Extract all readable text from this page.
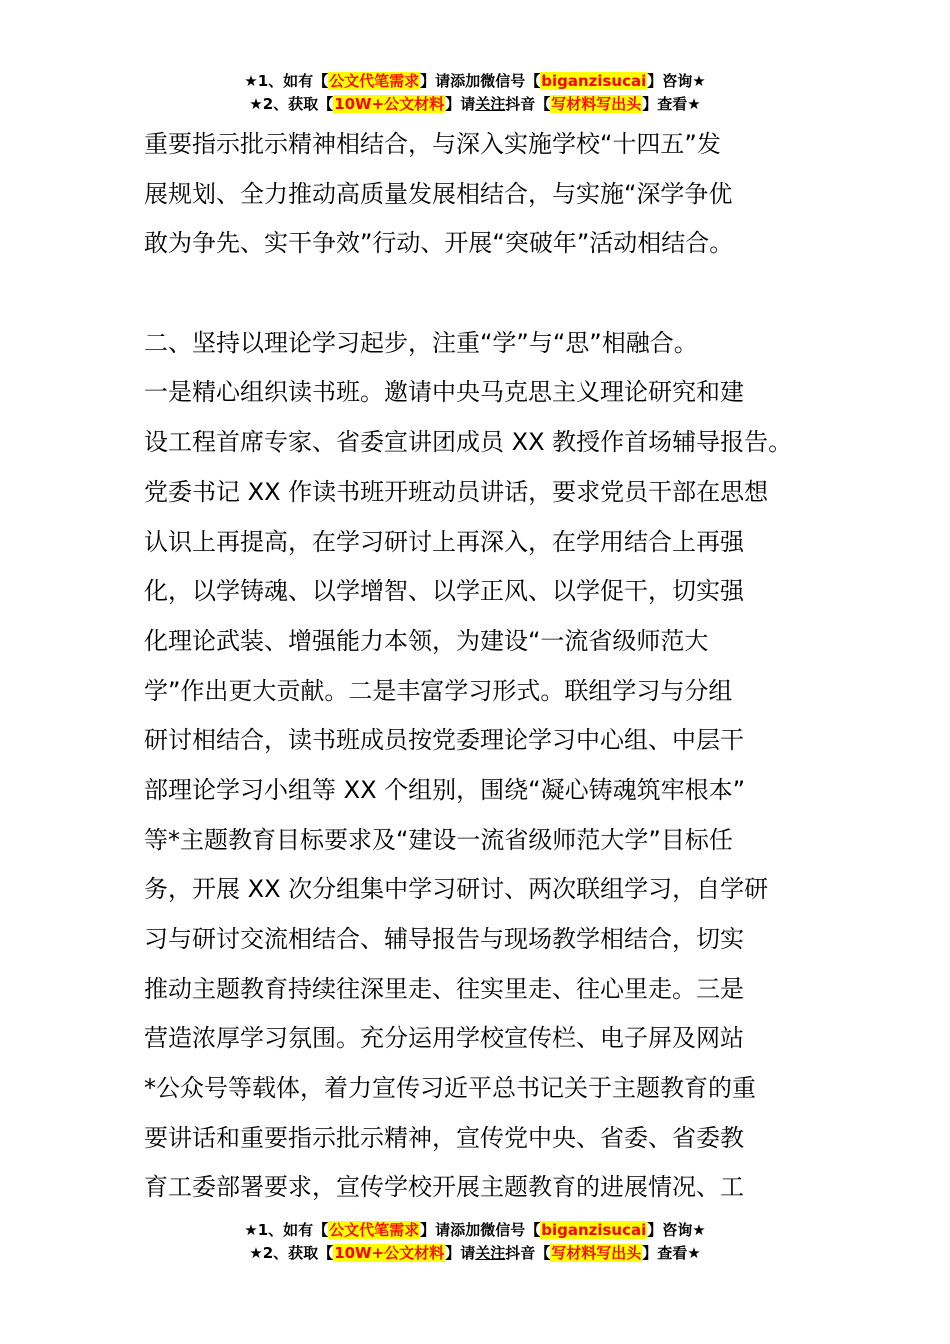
★1、如有【公文代笔需求】请添加微信号【biganzisucai】咨询★
★2、获取【10W+公文材料】请关注抖音【写材料写出头】查看★
重要指示批示精神相结合，与深入实施学校“十四五”发
展规划、全力推动高质量发展相结合，与实施“深学争优
敢为争先、实干争效”行动、开展“突破年”活动相结合。
二、坚持以理论学习起步，注重“学”与“思”相融合。
一是精心组织读书班。邀请中央马克思主义理论研究和建
设工程首席专家、省委宣讲团成员 XX 教授作首场辅导报告。
党委书记 XX 作读书班开班动员讲话，要求党员干部在思想
认识上再提高，在学习研讨上再深入，在学用结合上再强
化，以学铸魂、以学增智、以学正风、以学促干，切实强
化理论武装、增强能力本领，为建设“一流省级师范大
学”作出更大贡献。二是丰富学习形式。联组学习与分组
研讨相结合，读书班成员按党委理论学习中心组、中层干
部理论学习小组等 XX 个组别，围绕“凝心铸魂筑牢根本”
等*主题教育目标要求及“建设一流省级师范大学”目标任
务，开展 XX 次分组集中学习研讨、两次联组学习，自学研
习与研讨交流相结合、辅导报告与现场教学相结合，切实
推动主题教育持续往深里走、往实里走、往心里走。三是
营造浓厚学习氛围。充分运用学校宣传栏、电子屏及网站
*公众号等载体，着力宣传习近平总书记关于主题教育的重
要讲话和重要指示批示精神，宣传党中央、省委、省委教
育工委部署要求，宣传学校开展主题教育的进展情况、工
★1、如有【公文代笔需求】请添加微信号【biganzisucai】咨询★
★2、获取【10W+公文材料】请关注抖音【写材料写出头】查看★
